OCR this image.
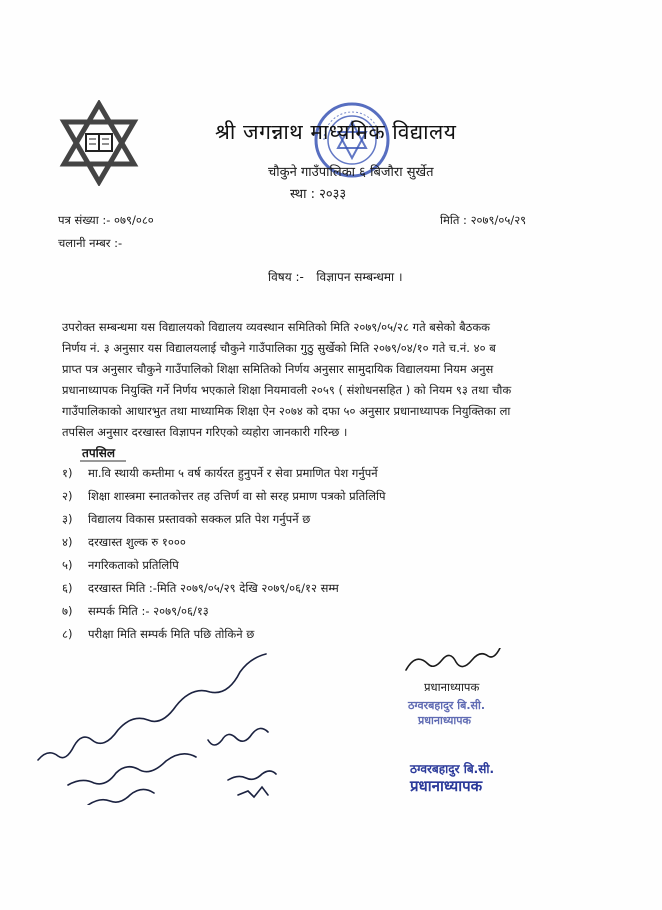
श्री जगन्नाथ माध्यमिक विद्यालय
चौकुने गाउँपालिका ६ बिजौरा सुर्खेत
स्था : २०३३
पत्र संख्या :- ०७९/०८०
चलानी नम्बर :-
मिति : २०७९/०५/२९
विषय :- विज्ञापन सम्बन्धमा ।
उपरोक्त सम्बन्धमा यस विद्यालयको विद्यालय व्यवस्थान समितिको मिति २०७९/०५/२८ गते बसेको बैठकक
निर्णय नं. ३ अनुसार यस विद्यालयलाई चौकुने गाउँपालिका गुठु सुर्खेको मिति २०७९/०४/१० गते च.नं. ४० ब
प्राप्त पत्र अनुसार चौकुने गाउँपालिको शिक्षा समितिको निर्णय अनुसार सामुदायिक विद्यालयमा नियम अनुस
प्रधानाध्यापक नियुक्ति गर्ने निर्णय भएकाले शिक्षा नियमावली २०५९ ( संशोधनसहित ) को नियम ९३ तथा चौक
गाउँपालिकाको आधारभुत तथा माध्यामिक शिक्षा ऐन २०७४ को दफा ५० अनुसार प्रधानाध्यापक नियुक्तिका ला
तपसिल अनुसार दरखास्त विज्ञापन गरिएको व्यहोरा जानकारी गरिन्छ ।
तपसिल
१) मा.वि स्थायी कम्तीमा ५ वर्ष कार्यरत हुनुपर्ने र सेवा प्रमाणित पेश गर्नुपर्ने
२) शिक्षा शास्त्रमा स्नातकोत्तर तह उत्तिर्ण वा सो सरह प्रमाण पत्रको प्रतिलिपि
३) विद्यालय विकास प्रस्तावको सक्कल प्रति पेश गर्नुपर्ने छ
४) दरखास्त शुल्क रु १०००
५) नगरिकताको प्रतिलिपि
६) दरखास्त मिति :-मिति २०७९/०५/२९ देखि २०७९/०६/१२ सम्म
७) सम्पर्क मिति :- २०७९/०६/१३
८) परीक्षा मिति सम्पर्क मिति पछि तोकिने छ
प्रधानाध्यापक
ठग्वरबहादुर बि.सी.
प्रधानाध्यापक
ठग्वरबहादुर बि.सी.
प्रधानाध्यापक
